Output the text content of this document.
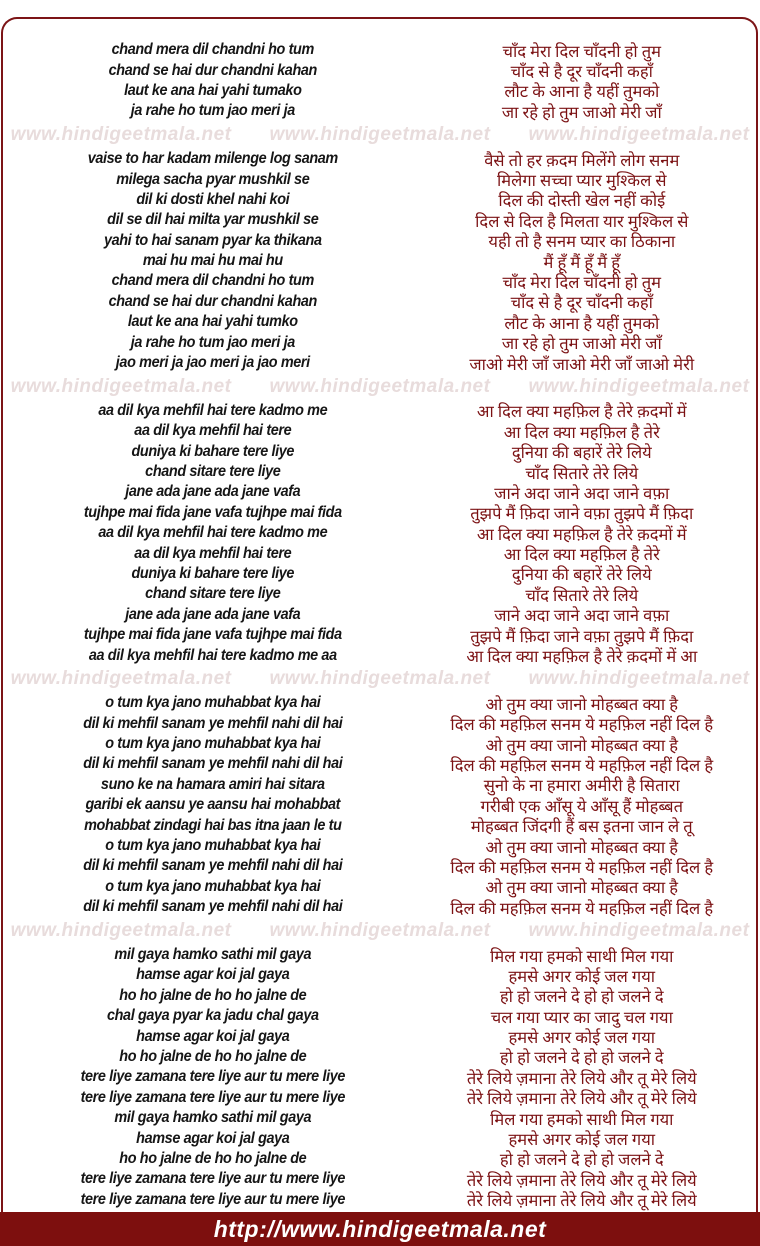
chand mera dil chandni ho tum	चाँद मेरा दिल चाँदनी हो तुम
chand se hai dur chandni kahan	चाँद से है दूर चाँदनी कहाँ
laut ke ana hai yahi tumako	लौट के आना है यहीं तुमको
ja rahe ho tum jao meri ja	जा रहे हो तुम जाओ मेरी जाँ
www.hindigeetmala.net www.hindigeetmala.net www.hindigeetmala.net
vaise to har kadam milenge log sanam	वैसे तो हर क़दम मिलेंगे लोग सनम
milega sacha pyar mushkil se	मिलेगा सच्चा प्यार मुश्किल से
dil ki dosti khel nahi koi	दिल की दोस्ती खेल नहीं कोई
dil se dil hai milta yar mushkil se	दिल से दिल है मिलता यार मुश्किल से
yahi to hai sanam pyar ka thikana	यही तो है सनम प्यार का ठिकाना
mai hu mai hu mai hu	मैं हूँ मैं हूँ मैं हूँ
chand mera dil chandni ho tum	चाँद मेरा दिल चाँदनी हो तुम
chand se hai dur chandni kahan	चाँद से है दूर चाँदनी कहाँ
laut ke ana hai yahi tumko	लौट के आना है यहीं तुमको
ja rahe ho tum jao meri ja	जा रहे हो तुम जाओ मेरी जाँ
jao meri ja jao meri ja jao meri	जाओ मेरी जाँ जाओ मेरी जाँ जाओ मेरी
www.hindigeetmala.net www.hindigeetmala.net www.hindigeetmala.net
aa dil kya mehfil hai tere kadmo me	आ दिल क्या महफ़िल है तेरे क़दमों में
aa dil kya mehfil hai tere	आ दिल क्या महफ़िल है तेरे
duniya ki bahare tere liye	दुनिया की बहारें तेरे लिये
chand sitare tere liye	चाँद सितारे तेरे लिये
jane ada jane ada jane vafa	जाने अदा जाने अदा जाने वफ़ा
tujhpe mai fida jane vafa tujhpe mai fida	तुझपे मैं फ़िदा जाने वफ़ा तुझपे मैं फ़िदा
aa dil kya mehfil hai tere kadmo me	आ दिल क्या महफ़िल है तेरे क़दमों में
aa dil kya mehfil hai tere	आ दिल क्या महफ़िल है तेरे
duniya ki bahare tere liye	दुनिया की बहारें तेरे लिये
chand sitare tere liye	चाँद सितारे तेरे लिये
jane ada jane ada jane vafa	जाने अदा जाने अदा जाने वफ़ा
tujhpe mai fida jane vafa tujhpe mai fida	तुझपे मैं फ़िदा जाने वफ़ा तुझपे मैं फ़िदा
aa dil kya mehfil hai tere kadmo me aa	आ दिल क्या महफ़िल है तेरे क़दमों में आ
www.hindigeetmala.net www.hindigeetmala.net www.hindigeetmala.net
o tum kya jano muhabbat kya hai	ओ तुम क्या जानो मोहब्बत क्या है
dil ki mehfil sanam ye mehfil nahi dil hai	दिल की महफ़िल सनम ये महफ़िल नहीं दिल है
o tum kya jano muhabbat kya hai	ओ तुम क्या जानो मोहब्बत क्या है
dil ki mehfil sanam ye mehfil nahi dil hai	दिल की महफ़िल सनम ये महफ़िल नहीं दिल है
suno ke na hamara amiri hai sitara	सुनो के ना हमारा अमीरी है सितारा
garibi ek aansu ye aansu hai mohabbat	गरीबी एक आँसू ये आँसू हैं मोहब्बत
mohabbat zindagi hai bas itna jaan le tu	मोहब्बत जिंदगी हैं बस इतना जान ले तू
o tum kya jano muhabbat kya hai	ओ तुम क्या जानो मोहब्बत क्या है
dil ki mehfil sanam ye mehfil nahi dil hai	दिल की महफ़िल सनम ये महफ़िल नहीं दिल है
o tum kya jano muhabbat kya hai	ओ तुम क्या जानो मोहब्बत क्या है
dil ki mehfil sanam ye mehfil nahi dil hai	दिल की महफ़िल सनम ये महफ़िल नहीं दिल है
www.hindigeetmala.net www.hindigeetmala.net www.hindigeetmala.net
mil gaya hamko sathi mil gaya	मिल गया हमको साथी मिल गया
hamse agar koi jal gaya	हमसे अगर कोई जल गया
ho ho jalne de ho ho jalne de	हो हो जलने दे हो हो जलने दे
chal gaya pyar ka jadu chal gaya	चल गया प्यार का जादु चल गया
hamse agar koi jal gaya	हमसे अगर कोई जल गया
ho ho jalne de ho ho jalne de	हो हो जलने दे हो हो जलने दे
tere liye zamana tere liye aur tu mere liye	तेरे लिये ज़माना तेरे लिये और तू मेरे लिये
tere liye zamana tere liye aur tu mere liye	तेरे लिये ज़माना तेरे लिये और तू मेरे लिये
mil gaya hamko sathi mil gaya	मिल गया हमको साथी मिल गया
hamse agar koi jal gaya	हमसे अगर कोई जल गया
ho ho jalne de ho ho jalne de	हो हो जलने दे हो हो जलने दे
tere liye zamana tere liye aur tu mere liye	तेरे लिये ज़माना तेरे लिये और तू मेरे लिये
tere liye zamana tere liye aur tu mere liye	तेरे लिये ज़माना तेरे लिये और तू मेरे लिये
http://www.hindigeetmala.net
